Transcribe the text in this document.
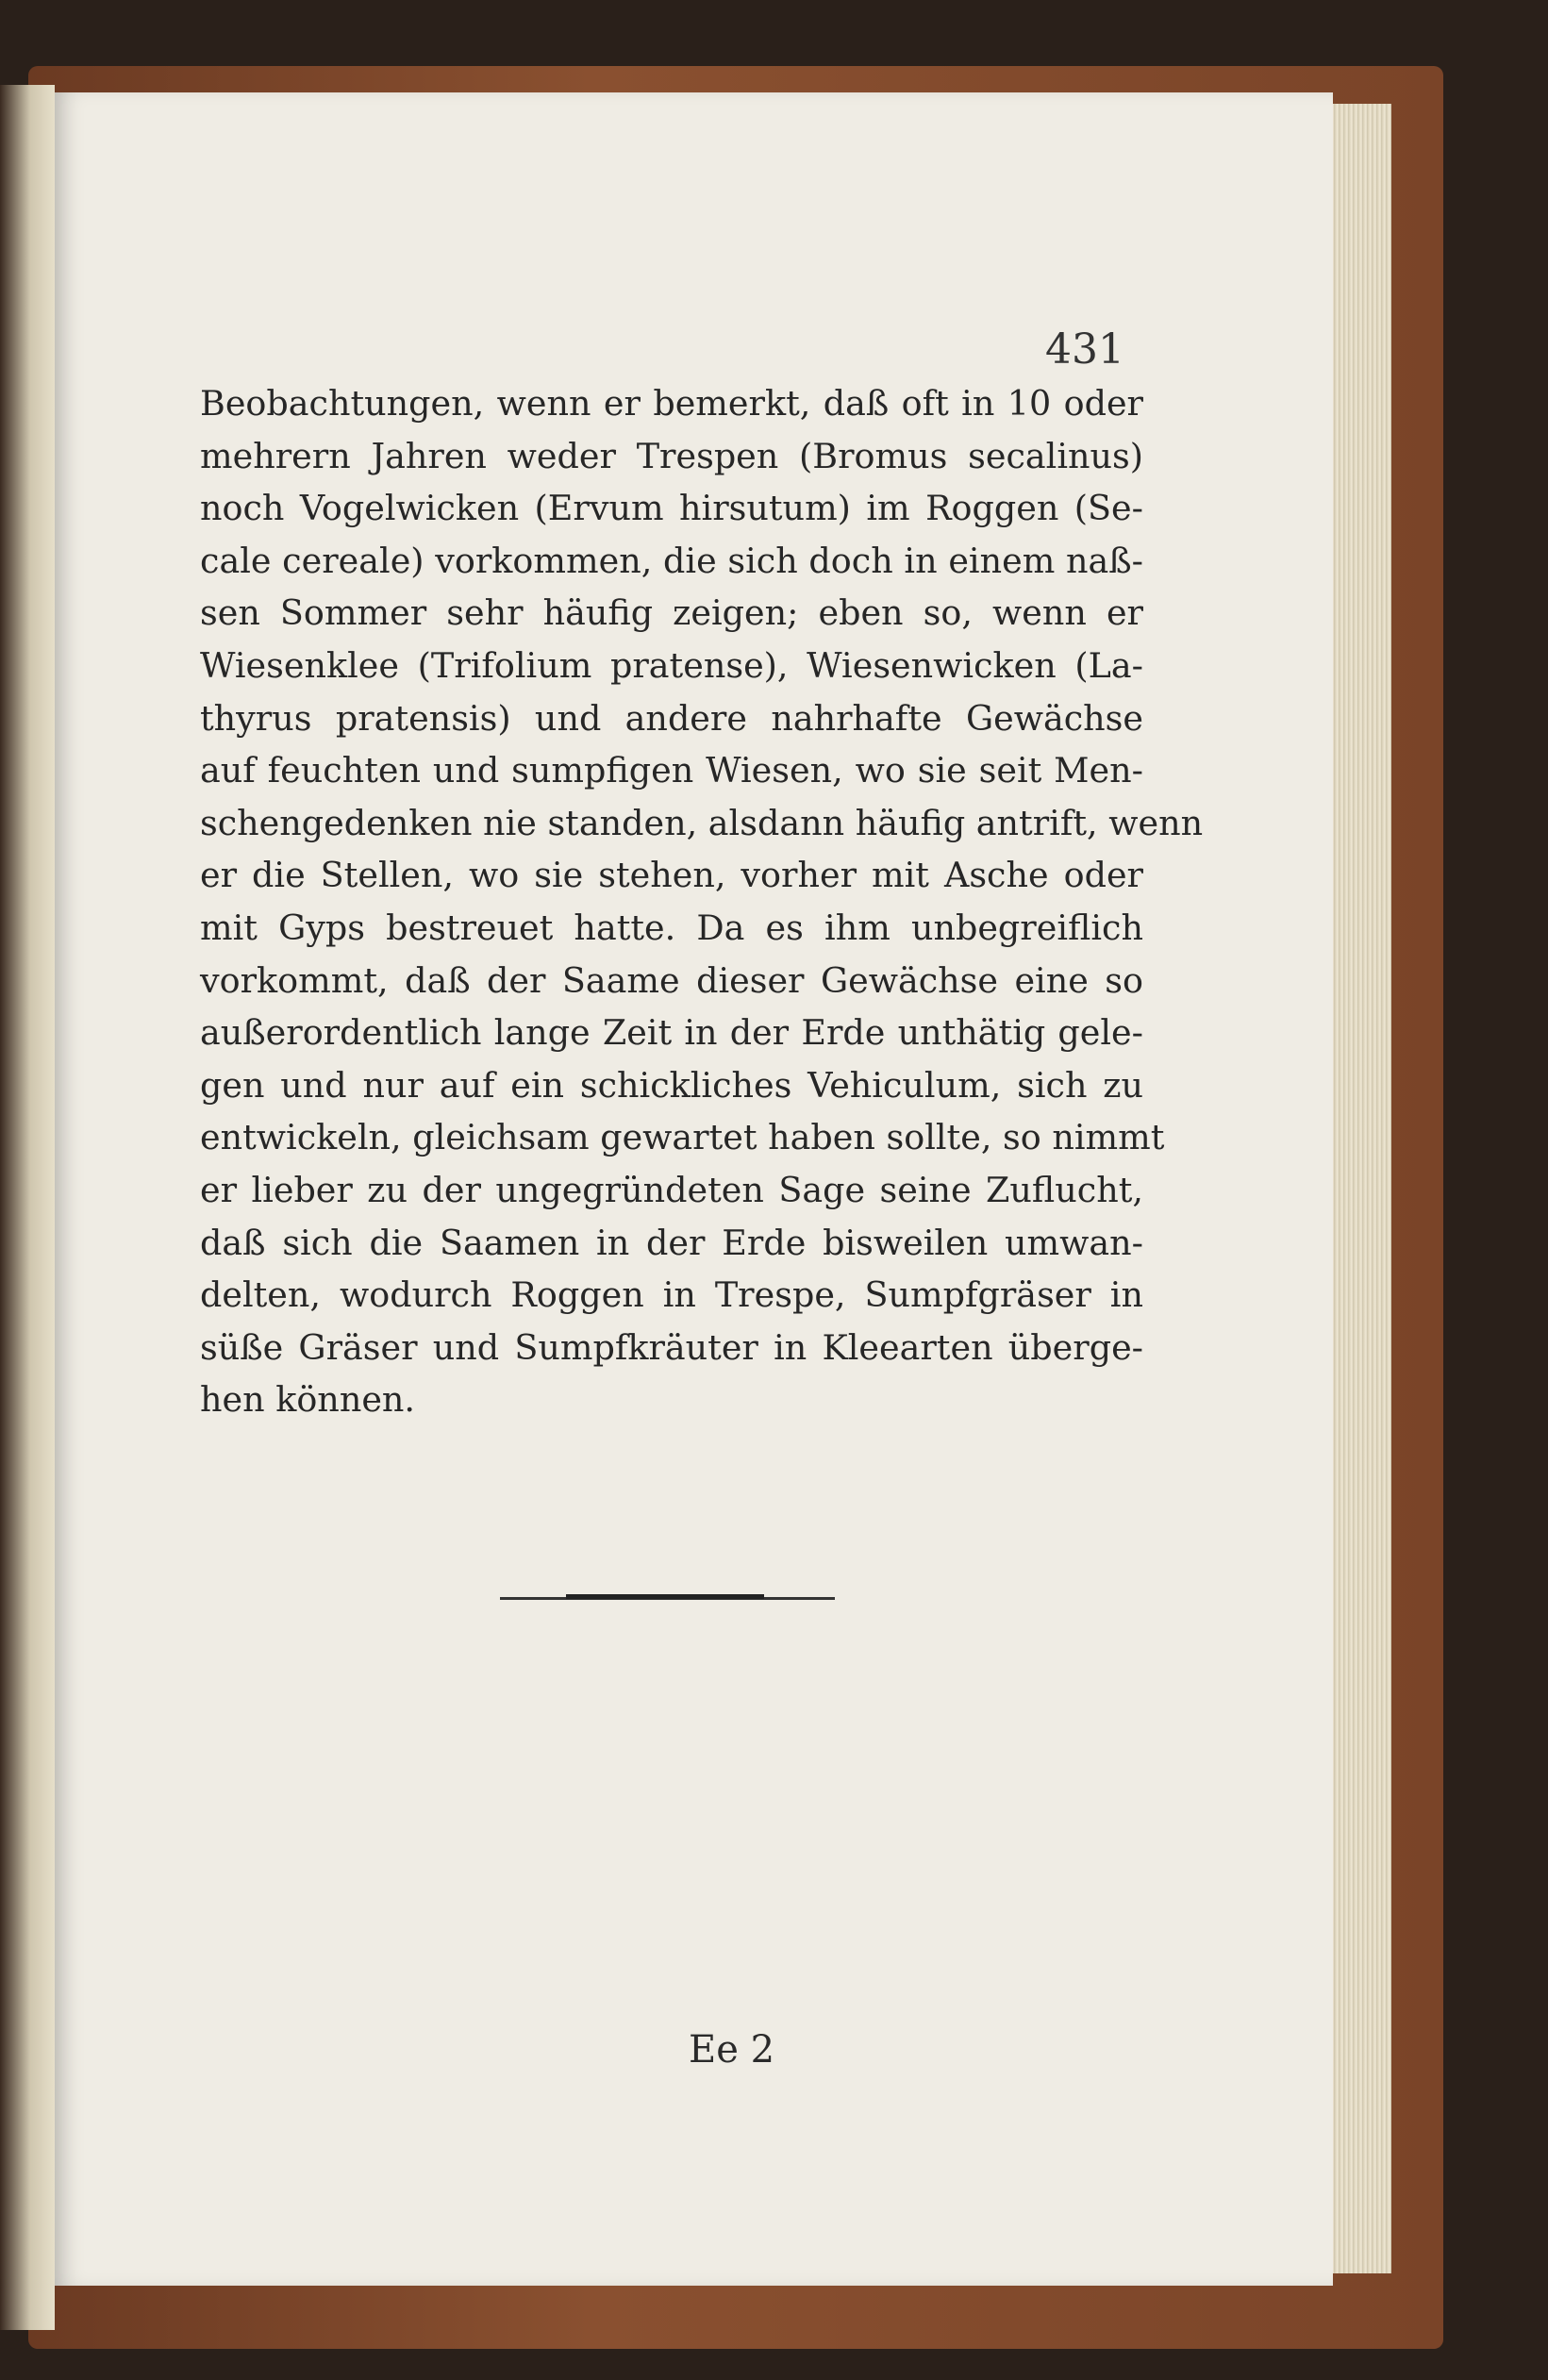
431

Beobachtungen, wenn er bemerkt, daß oft in 10 oder
mehrern Jahren weder Trespen (Bromus secalinus)
noch Vogelwicken (Ervum hirsutum) im Roggen (Se-
cale cereale) vorkommen, die sich doch in einem naß-
sen Sommer sehr häufig zeigen; eben so, wenn er
Wiesenklee (Trifolium pratense), Wiesenwicken (La-
thyrus pratensis) und andere nahrhafte Gewächse
auf feuchten und sumpfigen Wiesen, wo sie seit Men-
schengedenken nie standen, alsdann häufig antrift, wenn
er die Stellen, wo sie stehen, vorher mit Asche oder
mit Gyps bestreuet hatte. Da es ihm unbegreiflich
vorkommt, daß der Saame dieser Gewächse eine so
außerordentlich lange Zeit in der Erde unthätig gele-
gen und nur auf ein schickliches Vehiculum, sich zu
entwickeln, gleichsam gewartet haben sollte, so nimmt
er lieber zu der ungegründeten Sage seine Zuflucht,
daß sich die Saamen in der Erde bisweilen umwan-
delten, wodurch Roggen in Trespe, Sumpfgräser in
süße Gräser und Sumpfkräuter in Kleearten überge-
hen können.

Ee 2
